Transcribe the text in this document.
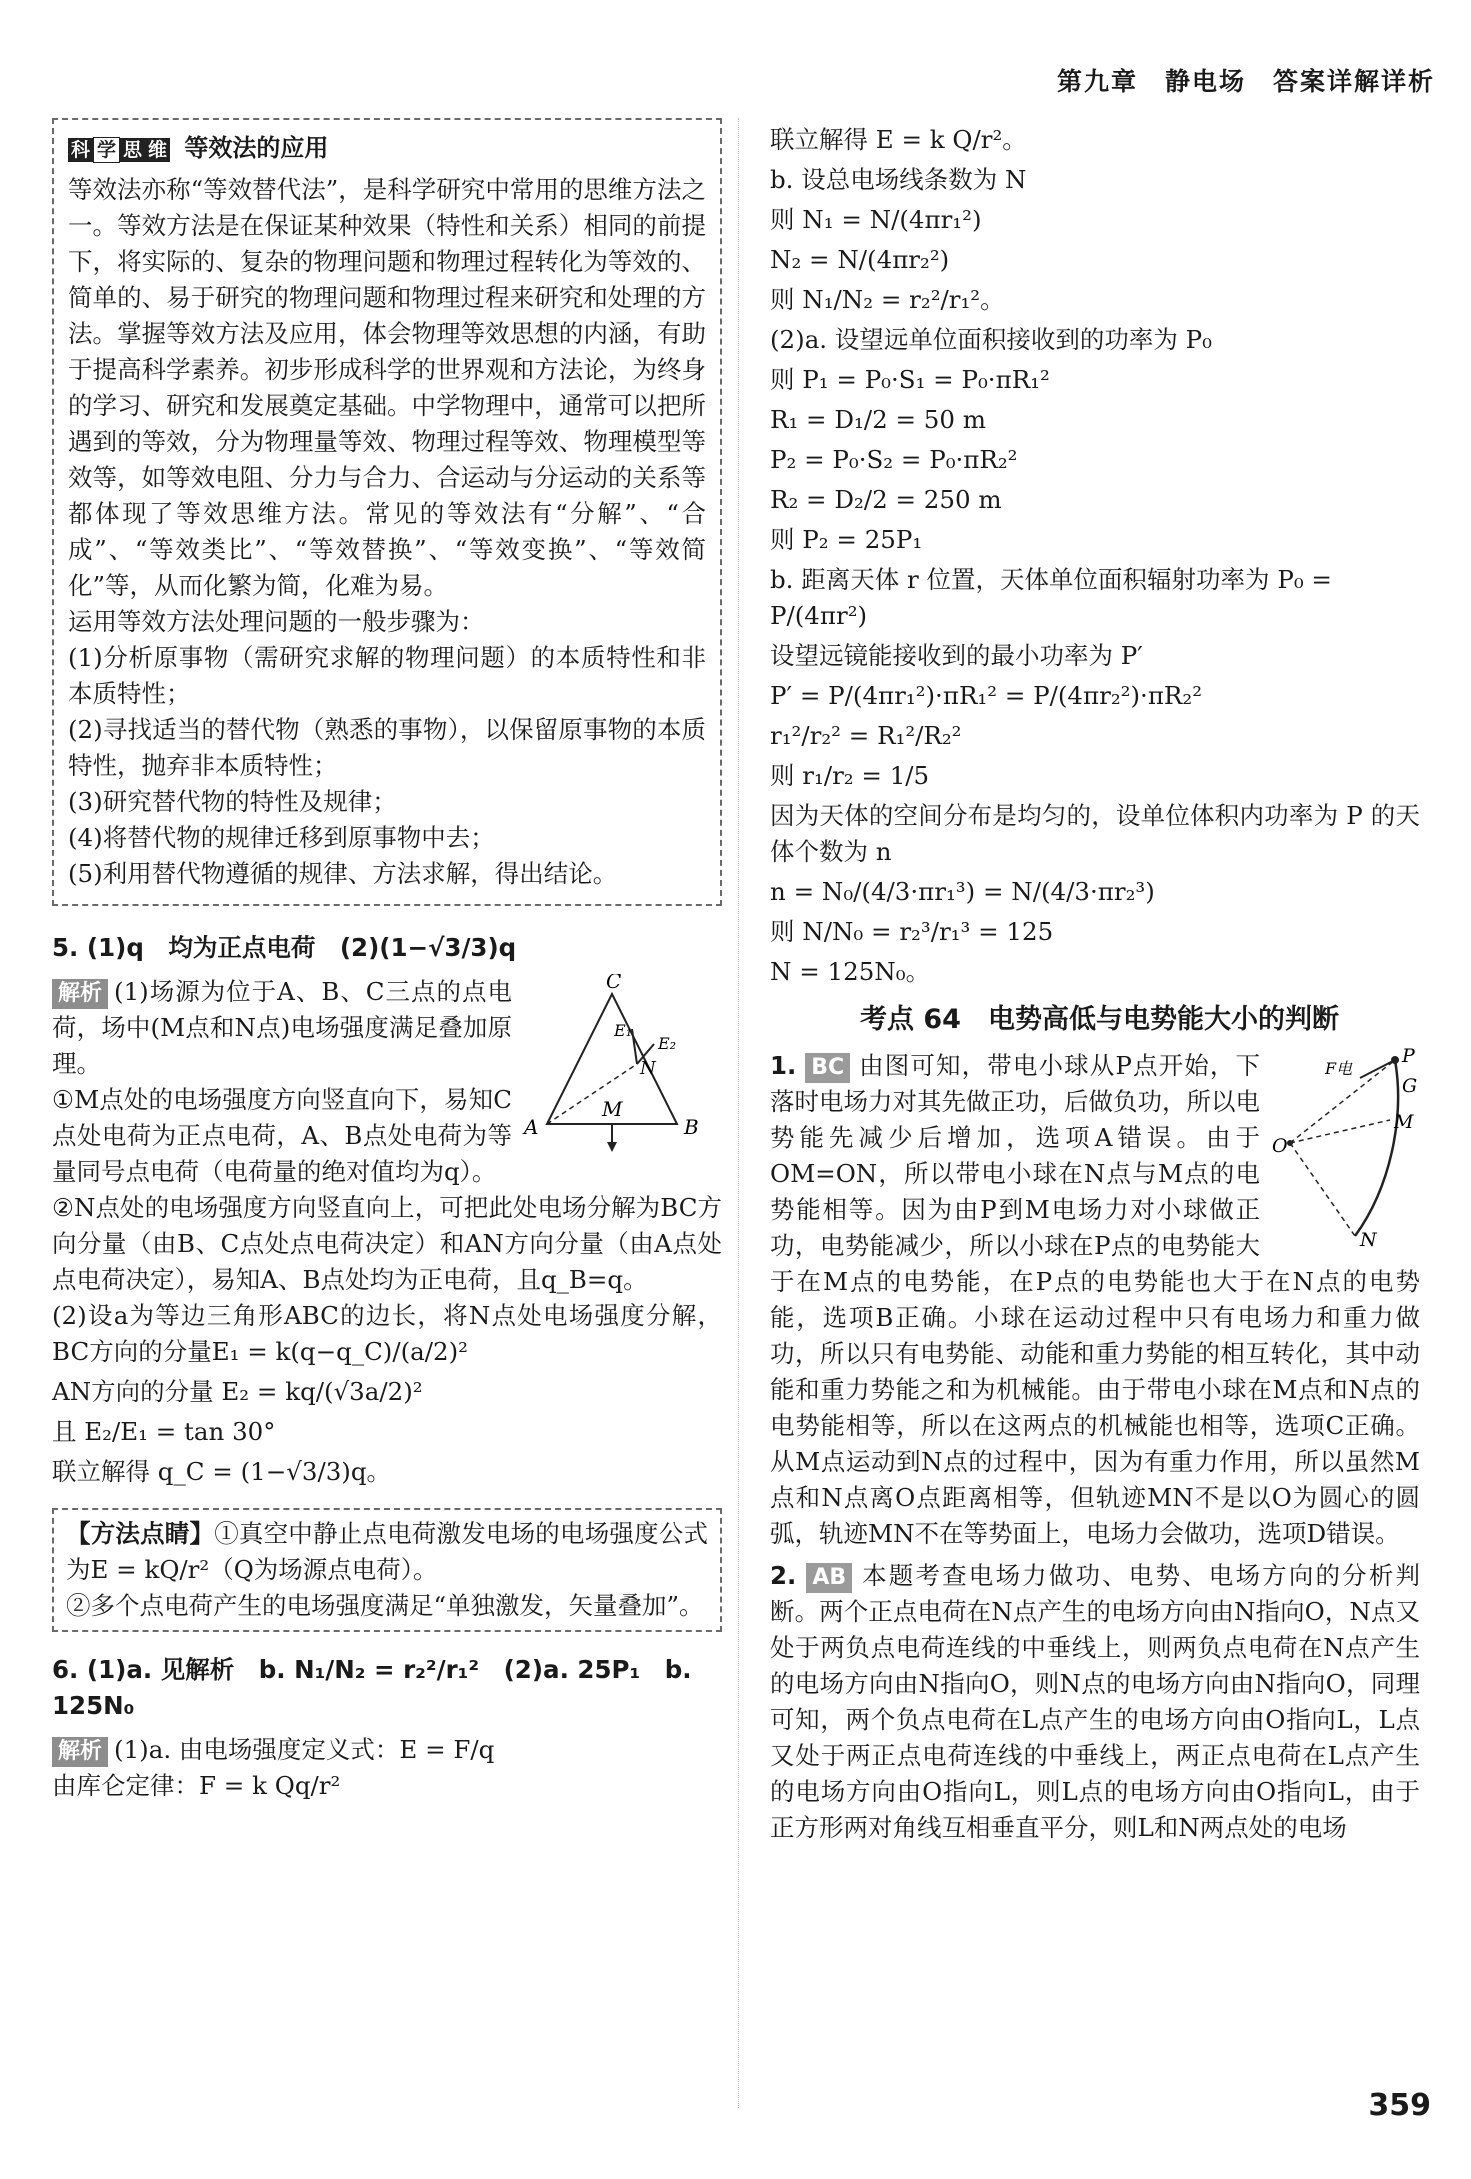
第九章　静电场　答案详解详析
科 学 思 维 等效法的应用

等效法亦称“等效替代法”，是科学研究中常用的思维方法之一。等效方法是在保证某种效果（特性和关系）相同的前提下，将实际的、复杂的物理问题和物理过程转化为等效的、简单的、易于研究的物理问题和物理过程来研究和处理的方法。掌握等效方法及应用，体会物理等效思想的内涵，有助于提高科学素养。初步形成科学的世界观和方法论，为终身的学习、研究和发展奠定基础。中学物理中，通常可以把所遇到的等效，分为物理量等效、物理过程等效、物理模型等效等，如等效电阻、分力与合力、合运动与分运动的关系等都体现了等效思维方法。常见的等效法有“分解”、“合成”、“等效类比”、“等效替换”、“等效变换”、“等效简化”等，从而化繁为简，化难为易。

运用等效方法处理问题的一般步骤为：

(1)分析原事物（需研究求解的物理问题）的本质特性和非本质特性；

(2)寻找适当的替代物（熟悉的事物），以保留原事物的本质特性，抛弃非本质特性；

(3)研究替代物的特性及规律；

(4)将替代物的规律迁移到原事物中去；

(5)利用替代物遵循的规律、方法求解，得出结论。

5. (1)q　均为正点电荷　(2)(1−√3/3)q
C
A	B
M
N
E₁
E₂

解析 (1)场源为位于A、B、C三点的点电荷，场中(M点和N点)电场强度满足叠加原理。

①M点处的电场强度方向竖直向下，易知C点处电荷为正点电荷，A、B点处电荷为等量同号点电荷（电荷量的绝对值均为q）。

②N点处的电场强度方向竖直向上，可把此处电场分解为BC方向分量（由B、C点处点电荷决定）和AN方向分量（由A点处点电荷决定），易知A、B点处均为正电荷，且q_B=q。

(2)设a为等边三角形ABC的边长，将N点处电场强度分解，BC方向的分量E₁ = k(q−q_C)/(a/2)²

AN方向的分量 E₂ = kq/(√3a/2)²

且 E₂/E₁ = tan 30°

联立解得 q_C = (1−√3/3)q。

【方法点睛】①真空中静止点电荷激发电场的电场强度公式为E = kQ/r²（Q为场源点电荷）。

②多个点电荷产生的电场强度满足“单独激发，矢量叠加”。

6. (1)a. 见解析　b. N₁/N₂ = r₂²/r₁²　(2)a. 25P₁　b. 125N₀

解析 (1)a. 由电场强度定义式：E = F/q

由库仑定律：F = k Qq/r²

联立解得 E = k Q/r²。

b. 设总电场线条数为 N

则 N₁ = N/(4πr₁²)

N₂ = N/(4πr₂²)

则 N₁/N₂ = r₂²/r₁²。

(2)a. 设望远单位面积接收到的功率为 P₀

则 P₁ = P₀·S₁ = P₀·πR₁²

R₁ = D₁/2 = 50 m

P₂ = P₀·S₂ = P₀·πR₂²

R₂ = D₂/2 = 250 m

则 P₂ = 25P₁

b. 距离天体 r 位置，天体单位面积辐射功率为 P₀ = P/(4πr²)

设望远镜能接收到的最小功率为 P′

P′ = P/(4πr₁²)·πR₁² = P/(4πr₂²)·πR₂²

r₁²/r₂² = R₁²/R₂²

则 r₁/r₂ = 1/5

因为天体的空间分布是均匀的，设单位体积内功率为 P 的天体个数为 n

n = N₀/(4/3·πr₁³) = N/(4/3·πr₂³)

则 N/N₀ = r₂³/r₁³ = 125

N = 125N₀。

考点 64　电势高低与电势能大小的判断
P
G
M
O
N
F电

1. BC 由图可知，带电小球从P点开始，下落时电场力对其先做正功，后做负功，所以电势能先减少后增加，选项A错误。由于OM=ON，所以带电小球在N点与M点的电势能相等。因为由P到M电场力对小球做正功，电势能减少，所以小球在P点的电势能大于在M点的电势能，在P点的电势能也大于在N点的电势能，选项B正确。小球在运动过程中只有电场力和重力做功，所以只有电势能、动能和重力势能的相互转化，其中动能和重力势能之和为机械能。由于带电小球在M点和N点的电势能相等，所以在这两点的机械能也相等，选项C正确。从M点运动到N点的过程中，因为有重力作用，所以虽然M点和N点离O点距离相等，但轨迹MN不是以O为圆心的圆弧，轨迹MN不在等势面上，电场力会做功，选项D错误。

2. AB 本题考查电场力做功、电势、电场方向的分析判断。两个正点电荷在N点产生的电场方向由N指向O，N点又处于两负点电荷连线的中垂线上，则两负点电荷在N点产生的电场方向由N指向O，则N点的电场方向由N指向O，同理可知，两个负点电荷在L点产生的电场方向由O指向L，L点又处于两正点电荷连线的中垂线上，两正点电荷在L点产生的电场方向由O指向L，则L点的电场方向由O指向L，由于正方形两对角线互相垂直平分，则L和N两点处的电场

359
